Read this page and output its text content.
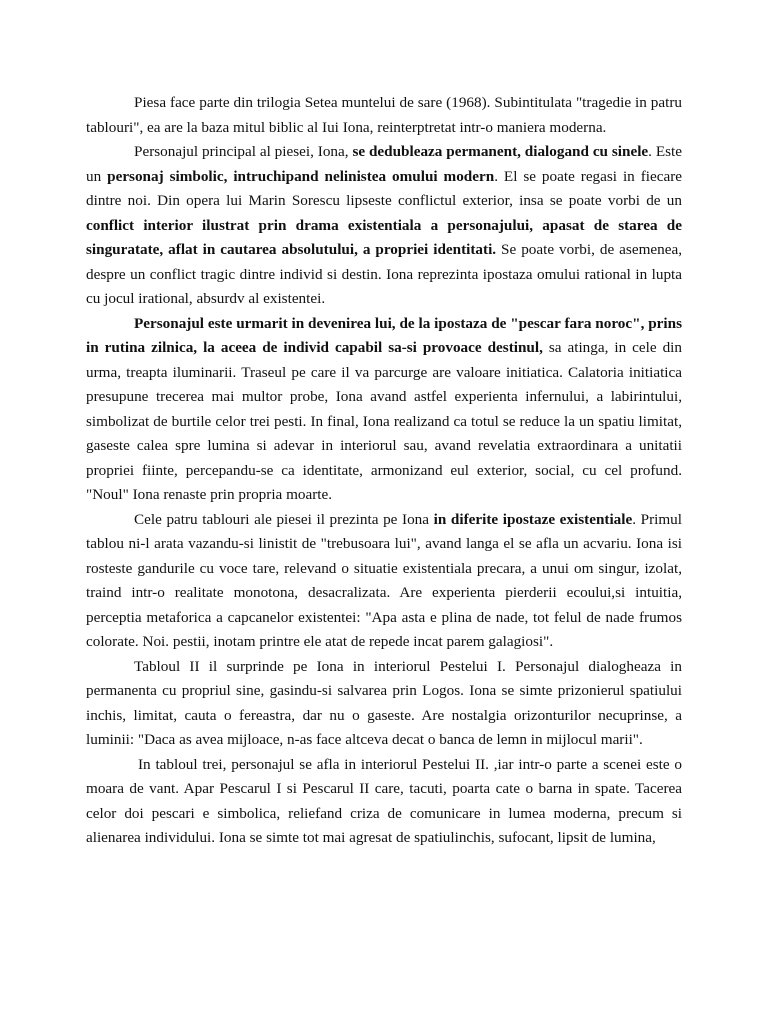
Piesa face parte din trilogia Setea muntelui de sare (1968). Subintitulata "tragedie in patru tablouri", ea are la baza mitul biblic al Iui Iona, reinterptretat intr-o maniera moderna.

Personajul principal al piesei, Iona, se dedubleaza permanent, dialogand cu sinele. Este un personaj simbolic, intruchipand nelinistea omului modern. El se poate regasi in fiecare dintre noi. Din opera lui Marin Sorescu lipseste conflictul exterior, insa se poate vorbi de un conflict interior ilustrat prin drama existentiala a personajului, apasat de starea de singuratate, aflat in cautarea absolutului, a propriei identitati. Se poate vorbi, de asemenea, despre un conflict tragic dintre individ si destin. Iona reprezinta ipostaza omului rational in lupta cu jocul irational, absurdv al existentei.

Personajul este urmarit in devenirea lui, de la ipostaza de "pescar fara noroc", prins in rutina zilnica, la aceea de individ capabil sa-si provoace destinul, sa atinga, in cele din urma, treapta iluminarii. Traseul pe care il va parcurge are valoare initiatica. Calatoria initiatica presupune trecerea mai multor probe, Iona avand astfel experienta infernului, a labirintului, simbolizat de burtile celor trei pesti. In final, Iona realizand ca totul se reduce la un spatiu limitat, gaseste calea spre lumina si adevar in interiorul sau, avand revelatia extraordinara a unitatii propriei fiinte, percepandu-se ca identitate, armonizand eul exterior, social, cu cel profund. "Noul" Iona renaste prin propria moarte.

Cele patru tablouri ale piesei il prezinta pe Iona in diferite ipostaze existentiale. Primul tablou ni-l arata vazandu-si linistit de "trebusoara lui", avand langa el se afla un acvariu. Iona isi rosteste gandurile cu voce tare, relevand o situatie existentiala precara, a unui om singur, izolat, traind intr-o realitate monotona, desacralizata. Are experienta pierderii ecoului,si intuitia, perceptia metaforica a capcanelor existentei: "Apa asta e plina de nade, tot felul de nade frumos colorate. Noi. pestii, inotam printre ele atat de repede incat parem galagiosi".

Tabloul II il surprinde pe Iona in interiorul Pestelui I. Personajul dialogheaza in permanenta cu propriul sine, gasindu-si salvarea prin Logos. Iona se simte prizonierul spatiului inchis, limitat, cauta o fereastra, dar nu o gaseste. Are nostalgia orizonturilor necuprinse, a luminii: "Daca as avea mijloace, n-as face altceva decat o banca de lemn in mijlocul marii".

In tabloul trei, personajul se afla in interiorul Pestelui II. ,iar intr-o parte a scenei este o moara de vant. Apar Pescarul I si Pescarul II care, tacuti, poarta cate o barna in spate. Tacerea celor doi pescari e simbolica, reliefand criza de comunicare in lumea moderna, precum si alienarea individului. Iona se simte tot mai agresat de spatiulinchis, sufocant, lipsit de lumina,
